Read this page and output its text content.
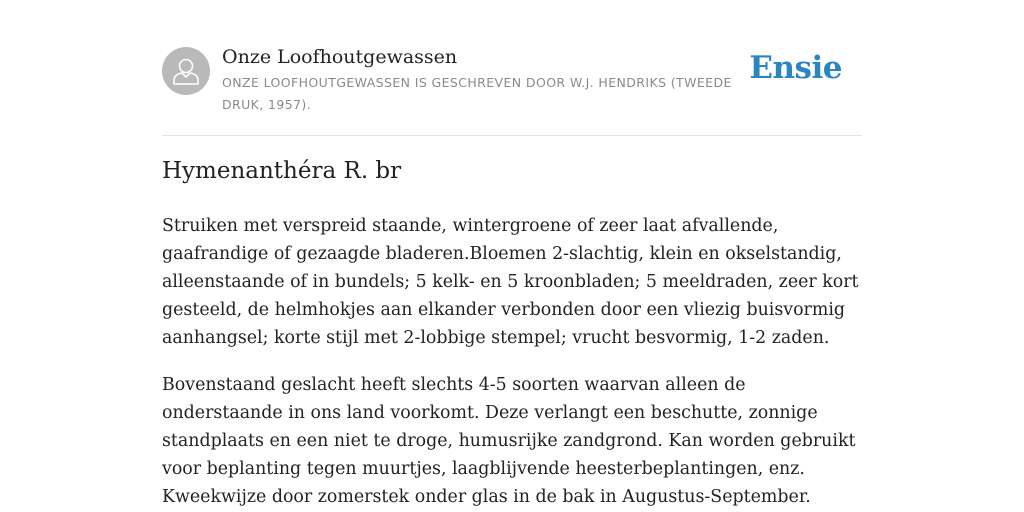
Onze Loofhoutgewassen
ONZE LOOFHOUTGEWASSEN IS GESCHREVEN DOOR W.J. HENDRIKS (TWEEDE DRUK, 1957).
Ensie
Hymenanthéra R. br

Struiken met verspreid staande, wintergroene of zeer laat afvallende, gaafrandige of gezaagde bladeren.Bloemen 2-slachtig, klein en okselstandig, alleenstaande of in bundels; 5 kelk- en 5 kroonbladen; 5 meeldraden, zeer kort gesteeld, de helmhokjes aan elkander verbonden door een vliezig buisvormig aanhangsel; korte stijl met 2-lobbige stempel; vrucht besvormig, 1-2 zaden.

Bovenstaand geslacht heeft slechts 4-5 soorten waarvan alleen de onderstaande in ons land voorkomt. Deze verlangt een beschutte, zonnige standplaats en een niet te droge, humusrijke zandgrond. Kan worden gebruikt voor beplanting tegen muurtjes, laagblijvende heesterbeplantingen, enz. Kweekwijze door zomerstek onder glas in de bak in Augustus-September.
